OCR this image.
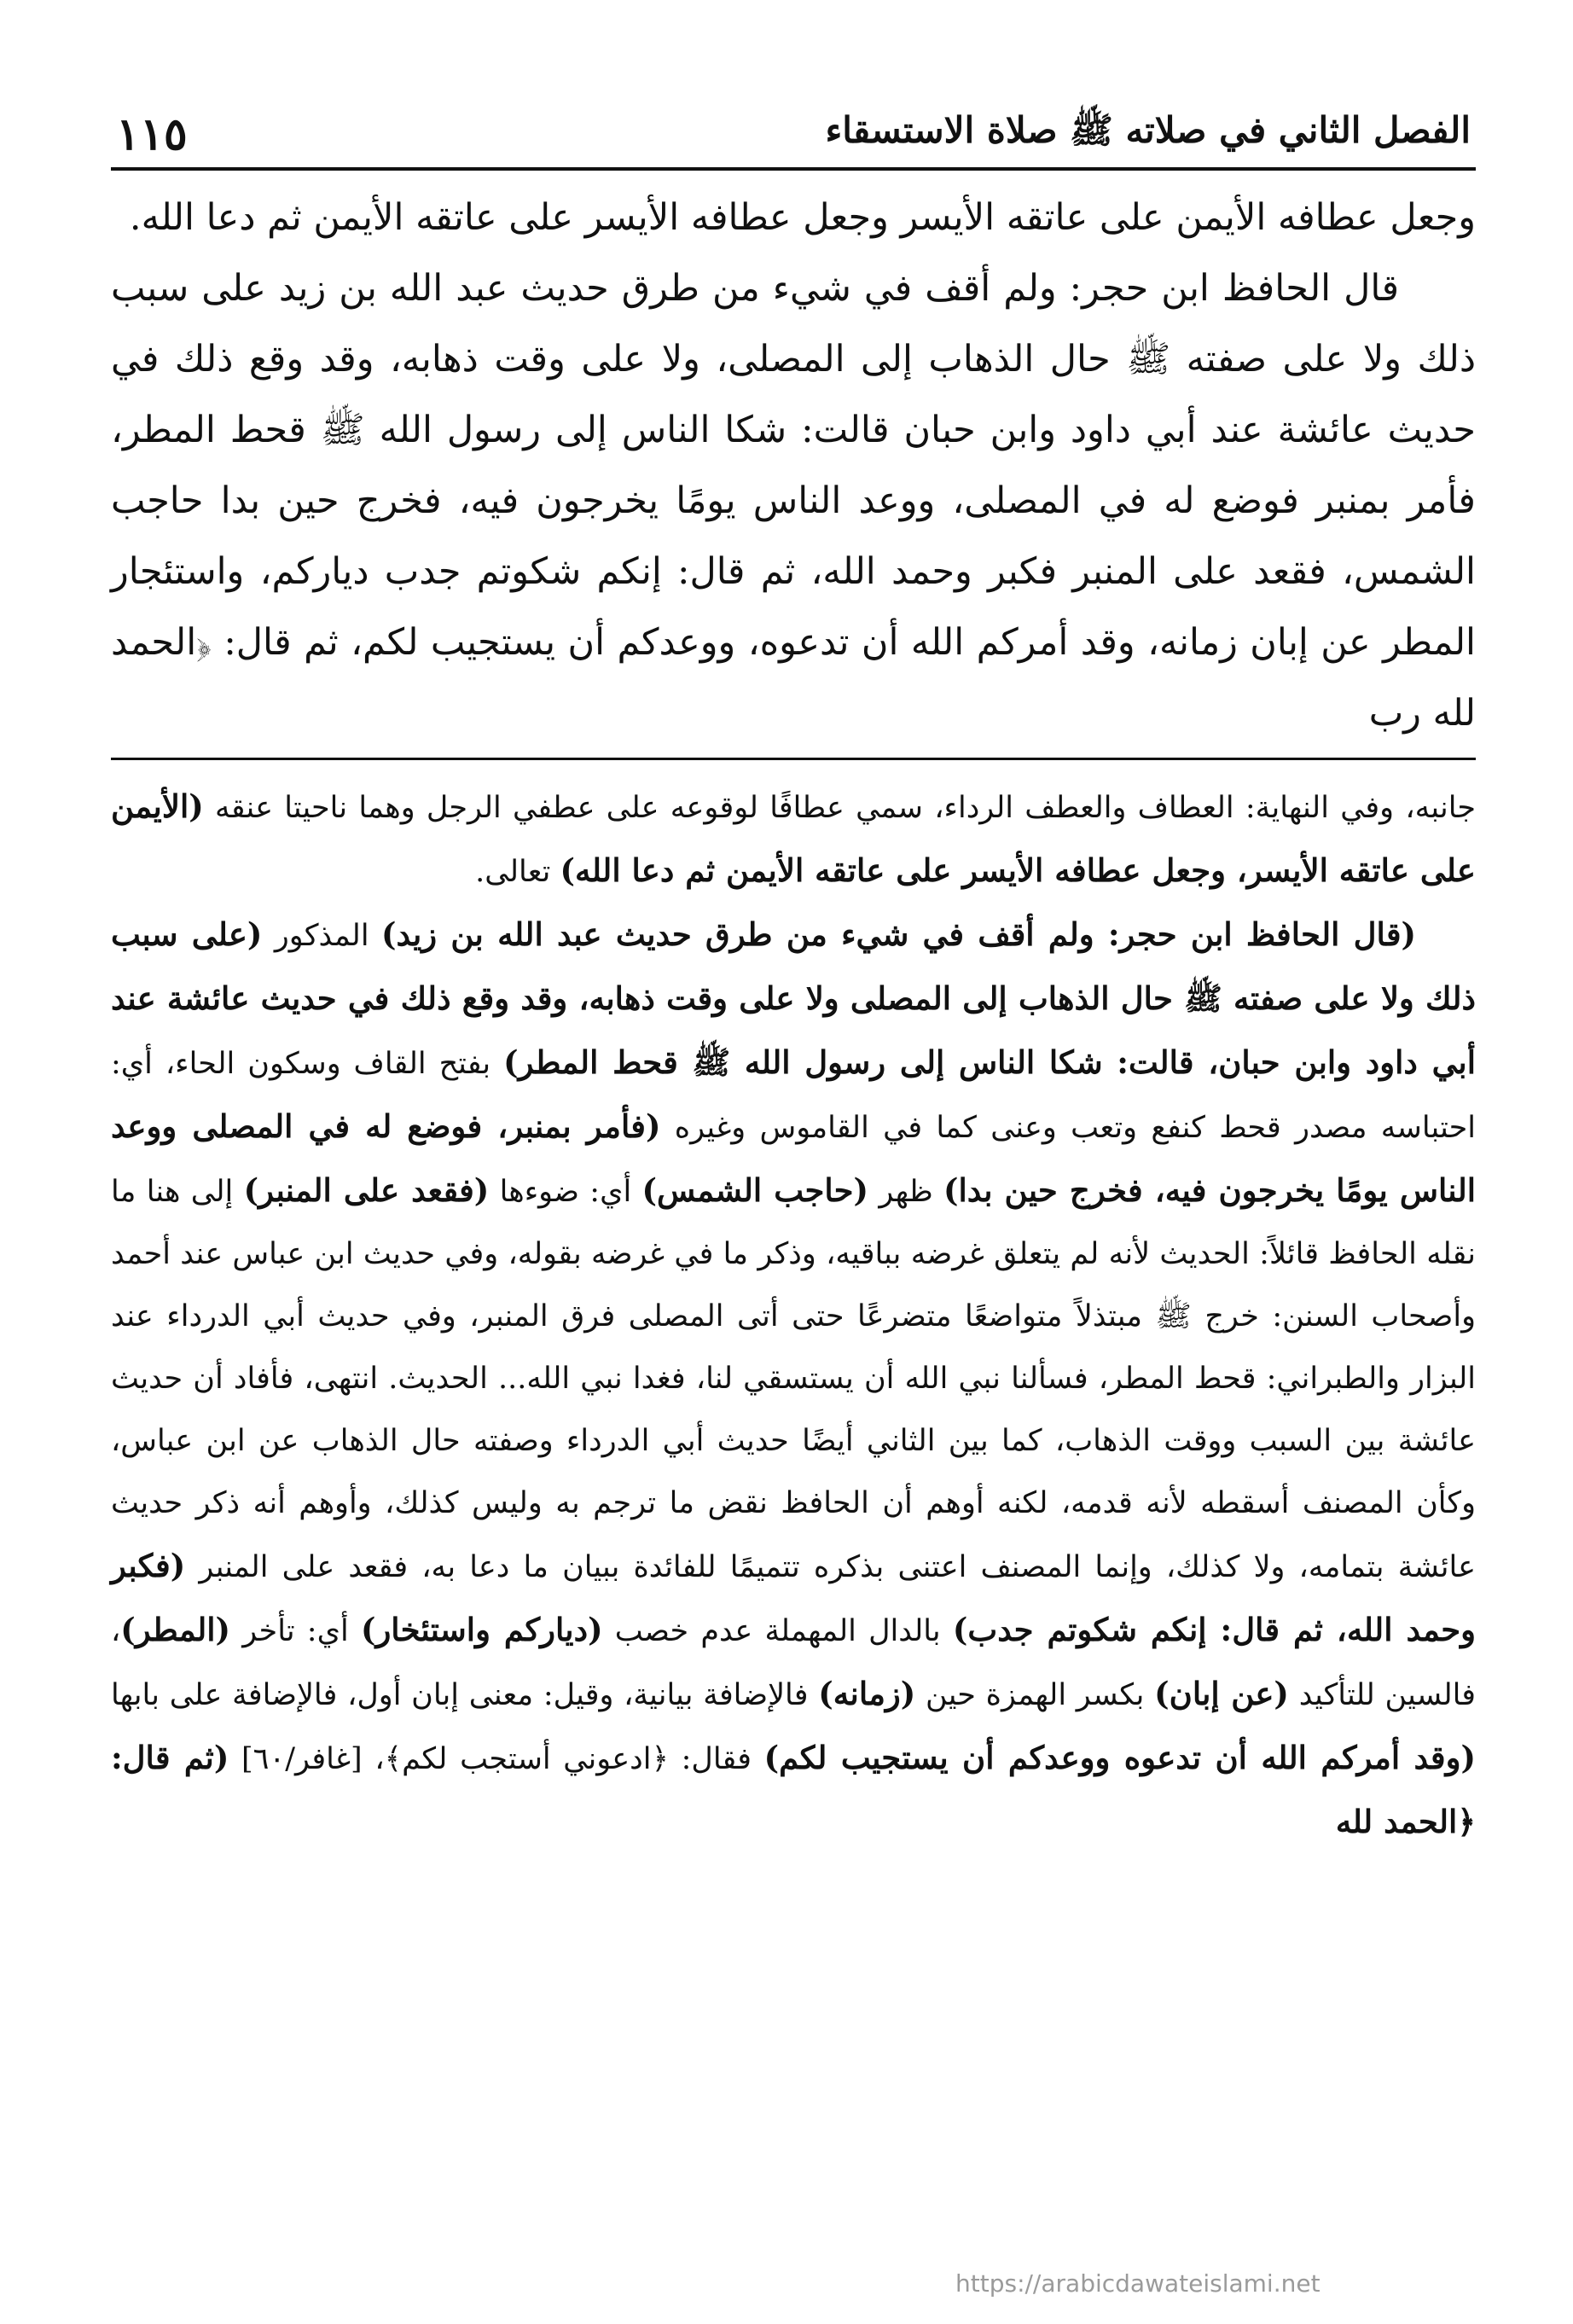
الفصل الثاني في صلاته ﷺ صلاة الاستسقاء
١١٥

وجعل عطافه الأيمن على عاتقه الأيسر وجعل عطافه الأيسر على عاتقه الأيمن ثم دعا الله.

قال الحافظ ابن حجر: ولم أقف في شيء من طرق حديث عبد الله بن زيد على سبب ذلك ولا على صفته ﷺ حال الذهاب إلى المصلى، ولا على وقت ذهابه، وقد وقع ذلك في حديث عائشة عند أبي داود وابن حبان قالت: شكا الناس إلى رسول الله ﷺ قحط المطر، فأمر بمنبر فوضع له في المصلى، ووعد الناس يومًا يخرجون فيه، فخرج حين بدا حاجب الشمس، فقعد على المنبر فكبر وحمد الله، ثم قال: إنكم شكوتم جدب دياركم، واستئجار المطر عن إبان زمانه، وقد أمركم الله أن تدعوه، ووعدكم أن يستجيب لكم، ثم قال: ﴿الحمد لله رب

جانبه، وفي النهاية: العطاف والعطف الرداء، سمي عطافًا لوقوعه على عطفي الرجل وهما ناحيتا عنقه (الأيمن على عاتقه الأيسر، وجعل عطافه الأيسر على عاتقه الأيمن ثم دعا الله) تعالى.

(قال الحافظ ابن حجر: ولم أقف في شيء من طرق حديث عبد الله بن زيد) المذكور (على سبب ذلك ولا على صفته ﷺ حال الذهاب إلى المصلى ولا على وقت ذهابه، وقد وقع ذلك في حديث عائشة عند أبي داود وابن حبان، قالت: شكا الناس إلى رسول الله ﷺ قحط المطر) بفتح القاف وسكون الحاء، أي: احتباسه مصدر قحط كنفع وتعب وعنى كما في القاموس وغيره (فأمر بمنبر، فوضع له في المصلى ووعد الناس يومًا يخرجون فيه، فخرج حين بدا) ظهر (حاجب الشمس) أي: ضوءها (فقعد على المنبر) إلى هنا ما نقله الحافظ قائلاً: الحديث لأنه لم يتعلق غرضه بباقيه، وذكر ما في غرضه بقوله، وفي حديث ابن عباس عند أحمد وأصحاب السنن: خرج ﷺ مبتذلاً متواضعًا متضرعًا حتى أتى المصلى فرق المنبر، وفي حديث أبي الدرداء عند البزار والطبراني: قحط المطر، فسألنا نبي الله أن يستسقي لنا، فغدا نبي الله... الحديث. انتهى، فأفاد أن حديث عائشة بين السبب ووقت الذهاب، كما بين الثاني أيضًا حديث أبي الدرداء وصفته حال الذهاب عن ابن عباس، وكأن المصنف أسقطه لأنه قدمه، لكنه أوهم أن الحافظ نقض ما ترجم به وليس كذلك، وأوهم أنه ذكر حديث عائشة بتمامه، ولا كذلك، وإنما المصنف اعتنى بذكره تتميمًا للفائدة ببيان ما دعا به، فقعد على المنبر (فكبر وحمد الله، ثم قال: إنكم شكوتم جدب) بالدال المهملة عدم خصب (دياركم واستئخار) أي: تأخر (المطر)، فالسين للتأكيد (عن إبان) بكسر الهمزة حين (زمانه) فالإضافة بيانية، وقيل: معنى إبان أول، فالإضافة على بابها (وقد أمركم الله أن تدعوه ووعدكم أن يستجيب لكم) فقال: ﴿ادعوني أستجب لكم﴾، [غافر/٦٠] (ثم قال: ﴿الحمد لله

https://arabicdawateislami.net
